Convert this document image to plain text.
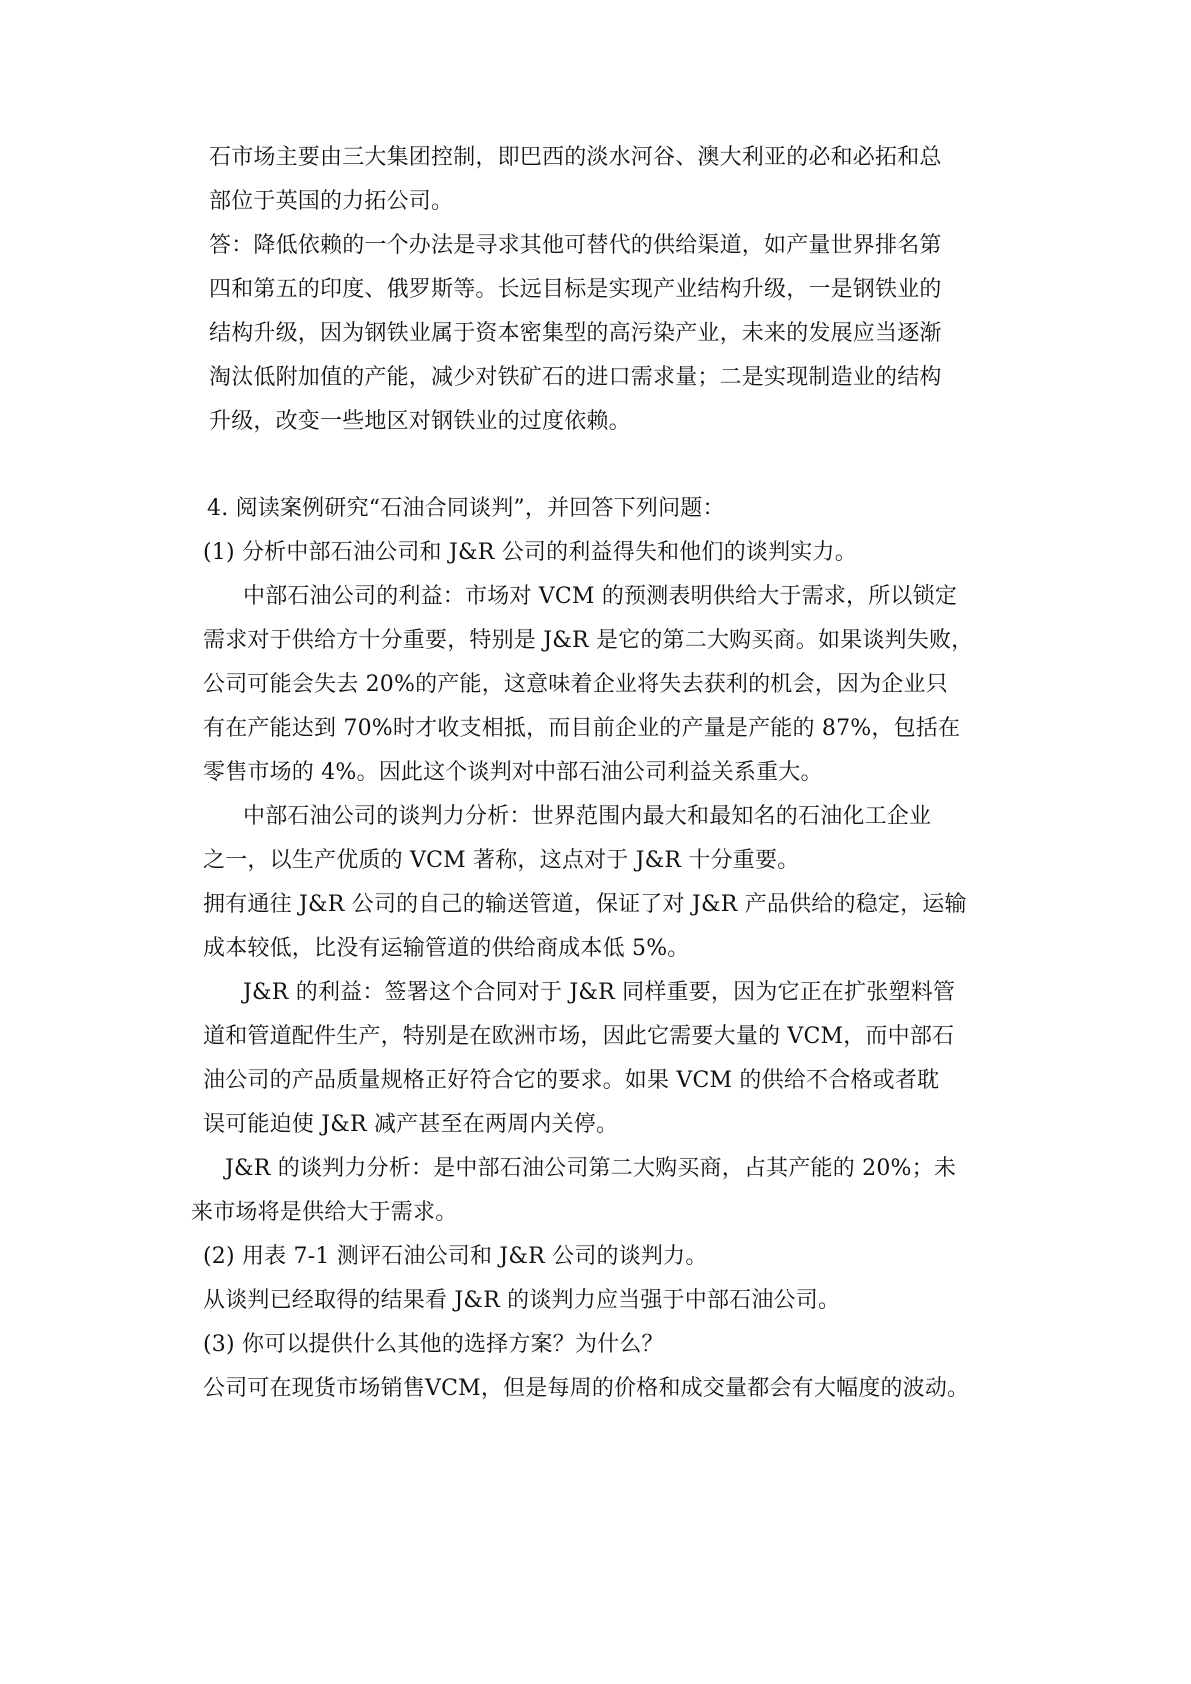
石市场主要由三大集团控制，即巴西的淡水河谷、澳大利亚的必和必拓和总
部位于英国的力拓公司。
答：降低依赖的一个办法是寻求其他可替代的供给渠道，如产量世界排名第
四和第五的印度、俄罗斯等。长远目标是实现产业结构升级，一是钢铁业的
结构升级，因为钢铁业属于资本密集型的高污染产业，未来的发展应当逐渐
淘汰低附加值的产能，减少对铁矿石的进口需求量；二是实现制造业的结构
升级，改变一些地区对钢铁业的过度依赖。
4. 阅读案例研究“石油合同谈判”，并回答下列问题：
(1) 分析中部石油公司和 J&R 公司的利益得失和他们的谈判实力。
中部石油公司的利益：市场对 VCM 的预测表明供给大于需求，所以锁定
需求对于供给方十分重要，特别是 J&R 是它的第二大购买商。如果谈判失败，
公司可能会失去 20%的产能，这意味着企业将失去获利的机会，因为企业只
有在产能达到 70%时才收支相抵，而目前企业的产量是产能的 87%，包括在
零售市场的 4%。因此这个谈判对中部石油公司利益关系重大。
中部石油公司的谈判力分析：世界范围内最大和最知名的石油化工企业
之一，以生产优质的 VCM 著称，这点对于 J&R 十分重要。
拥有通往 J&R 公司的自己的输送管道，保证了对 J&R 产品供给的稳定，运输
成本较低，比没有运输管道的供给商成本低 5%。
J&R 的利益：签署这个合同对于 J&R 同样重要，因为它正在扩张塑料管
道和管道配件生产，特别是在欧洲市场，因此它需要大量的 VCM，而中部石
油公司的产品质量规格正好符合它的要求。如果 VCM 的供给不合格或者耽
误可能迫使 J&R 减产甚至在两周内关停。
J&R 的谈判力分析：是中部石油公司第二大购买商，占其产能的 20%；未
来市场将是供给大于需求。
(2) 用表 7-1 测评石油公司和 J&R 公司的谈判力。
从谈判已经取得的结果看 J&R 的谈判力应当强于中部石油公司。
(3) 你可以提供什么其他的选择方案？为什么？
公司可在现货市场销售VCM，但是每周的价格和成交量都会有大幅度的波动。
